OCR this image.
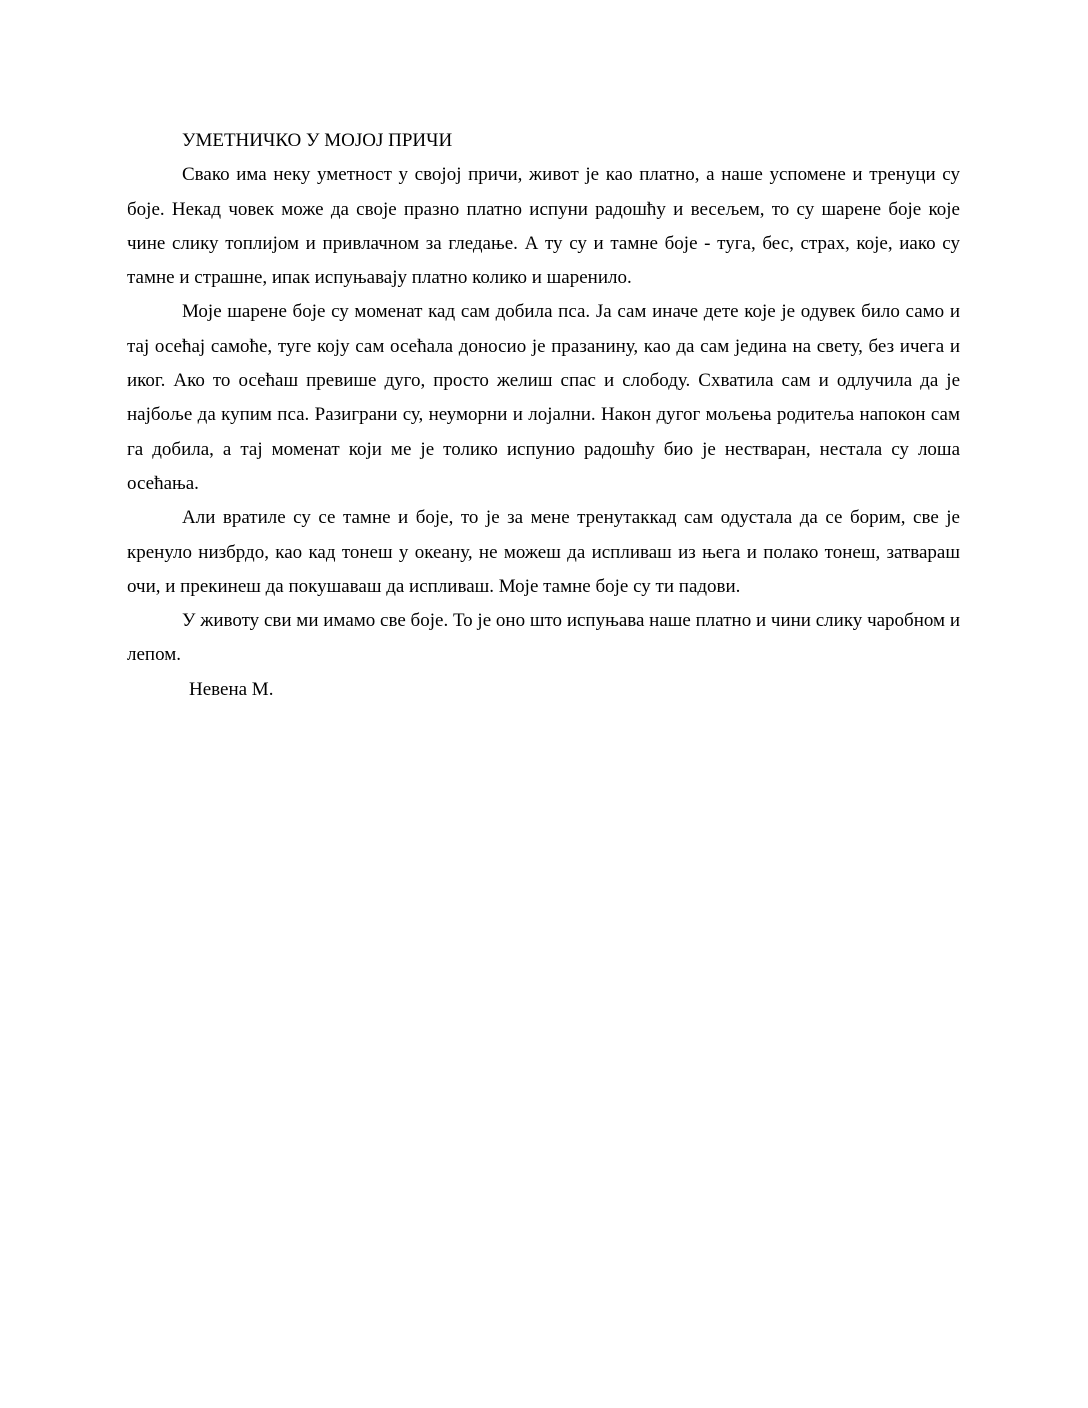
УМЕТНИЧКО У МОЈОЈ ПРИЧИ

Свако има неку уметност у својој причи, живот је као платно, а наше успомене и тренуци су боје. Некад човек може да своје празно платно испуни радошћу и весељем, то су шарене боје које чине слику топлијом и привлачном за гледање. А ту су и тамне боје - туга, бес, страх, које, иако су тамне и страшне, ипак испуњавају платно колико и шаренило.

Моје шарене боје су моменат кад сам добила пса. Ја сам иначе дете које је одувек било само и тај осећај самоће, туге коју сам осећала доносио је празанину, као да сам једина на свету, без ичега и иког. Ако то осећаш превише дуго, просто желиш спас и слободу. Схватила сам и одлучила да је најбоље да купим пса. Разиграни су, неуморни и лојални. Након дугог мољења родитеља напокон сам га добила, а тај моменат који ме је толико испунио радошћу био је нестваран, нестала су лоша осећања.

Али вратиле су се тамне и боје, то је за мене тренутаккад сам одустала да се борим, све је кренуло низбрдо, као кад тонеш у океану, не можеш да испливаш из њега и полако тонеш, затвараш очи, и прекинеш да покушаваш да испливаш. Моје тамне боје су ти падови.

У животу сви ми имамо све боје. То је оно што испуњава наше платно и чини слику чаробном и лепом.

Невена М.
